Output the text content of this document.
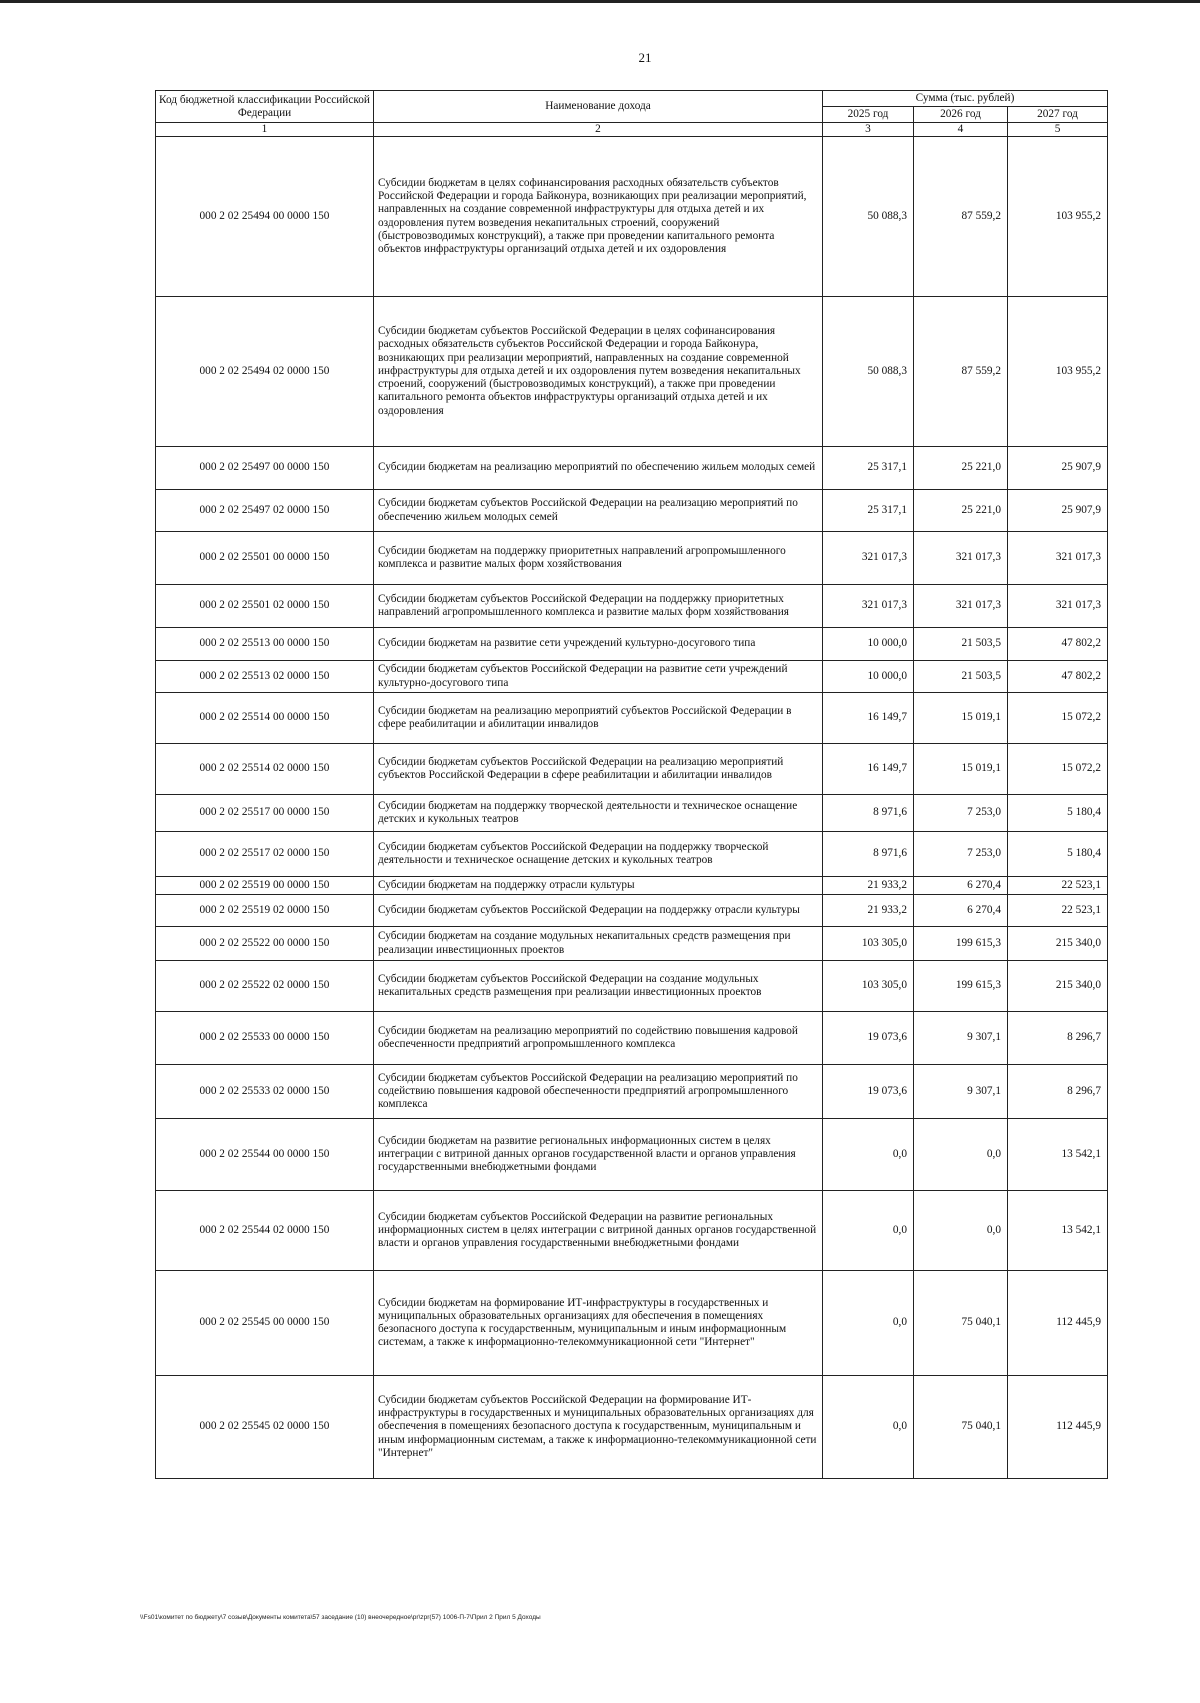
21
Код бюджетной классификации Российской Федерации	Наименование дохода	Сумма (тыс. рублей)		
		2025 год	2026 год	2027 год
1	2	3	4	5
000 2 02 25494 00 0000 150	Субсидии бюджетам в целях софинансирования расходных обязательств субъектов Российской Федерации и города Байконура, возникающих при реализации мероприятий, направленных на создание современной инфраструктуры для отдыха детей и их оздоровления путем возведения некапитальных строений, сооружений (быстровозводимых конструкций), а также при проведении капитального ремонта объектов инфраструктуры организаций отдыха детей и их оздоровления	50 088,3	87 559,2	103 955,2
000 2 02 25494 02 0000 150	Субсидии бюджетам субъектов Российской Федерации в целях софинансирования расходных обязательств субъектов Российской Федерации и города Байконура, возникающих при реализации мероприятий, направленных на создание современной инфраструктуры для отдыха детей и их оздоровления путем возведения некапитальных строений, сооружений (быстровозводимых конструкций), а также при проведении капитального ремонта объектов инфраструктуры организаций отдыха детей и их оздоровления	50 088,3	87 559,2	103 955,2
000 2 02 25497 00 0000 150	Субсидии бюджетам на реализацию мероприятий по обеспечению жильем молодых семей	25 317,1	25 221,0	25 907,9
000 2 02 25497 02 0000 150	Субсидии бюджетам субъектов Российской Федерации на реализацию мероприятий по обеспечению жильем молодых семей	25 317,1	25 221,0	25 907,9
000 2 02 25501 00 0000 150	Субсидии бюджетам на поддержку приоритетных направлений агропромышленного комплекса и развитие малых форм хозяйствования	321 017,3	321 017,3	321 017,3
000 2 02 25501 02 0000 150	Субсидии бюджетам субъектов Российской Федерации на поддержку приоритетных направлений агропромышленного комплекса и развитие малых форм хозяйствования	321 017,3	321 017,3	321 017,3
000 2 02 25513 00 0000 150	Субсидии бюджетам на развитие сети учреждений культурно-досугового типа	10 000,0	21 503,5	47 802,2
000 2 02 25513 02 0000 150	Субсидии бюджетам субъектов Российской Федерации на развитие сети учреждений культурно-досугового типа	10 000,0	21 503,5	47 802,2
000 2 02 25514 00 0000 150	Субсидии бюджетам на реализацию мероприятий субъектов Российской Федерации в сфере реабилитации и абилитации инвалидов	16 149,7	15 019,1	15 072,2
000 2 02 25514 02 0000 150	Субсидии бюджетам субъектов Российской Федерации на реализацию мероприятий субъектов Российской Федерации в сфере реабилитации и абилитации инвалидов	16 149,7	15 019,1	15 072,2
000 2 02 25517 00 0000 150	Субсидии бюджетам на поддержку творческой деятельности и техническое оснащение детских и кукольных театров	8 971,6	7 253,0	5 180,4
000 2 02 25517 02 0000 150	Субсидии бюджетам субъектов Российской Федерации на поддержку творческой деятельности и техническое оснащение детских и кукольных театров	8 971,6	7 253,0	5 180,4
000 2 02 25519 00 0000 150	Субсидии бюджетам на поддержку отрасли культуры	21 933,2	6 270,4	22 523,1
000 2 02 25519 02 0000 150	Субсидии бюджетам субъектов Российской Федерации на поддержку отрасли культуры	21 933,2	6 270,4	22 523,1
000 2 02 25522 00 0000 150	Субсидии бюджетам на создание модульных некапитальных средств размещения при реализации инвестиционных проектов	103 305,0	199 615,3	215 340,0
000 2 02 25522 02 0000 150	Субсидии бюджетам субъектов Российской Федерации на создание модульных некапитальных средств размещения при реализации инвестиционных проектов	103 305,0	199 615,3	215 340,0
000 2 02 25533 00 0000 150	Субсидии бюджетам на реализацию мероприятий по содействию повышения кадровой обеспеченности предприятий агропромышленного комплекса	19 073,6	9 307,1	8 296,7
000 2 02 25533 02 0000 150	Субсидии бюджетам субъектов Российской Федерации на реализацию мероприятий по содействию повышения кадровой обеспеченности предприятий агропромышленного комплекса	19 073,6	9 307,1	8 296,7
000 2 02 25544 00 0000 150	Субсидии бюджетам на развитие региональных информационных систем в целях интеграции с витриной данных органов государственной власти и органов управления государственными внебюджетными фондами	0,0	0,0	13 542,1
000 2 02 25544 02 0000 150	Субсидии бюджетам субъектов Российской Федерации на развитие региональных информационных систем в целях интеграции с витриной данных органов государственной власти и органов управления государственными внебюджетными фондами	0,0	0,0	13 542,1
000 2 02 25545 00 0000 150	Субсидии бюджетам на формирование ИТ-инфраструктуры в государственных и муниципальных образовательных организациях для обеспечения в помещениях безопасного доступа к государственным, муниципальным и иным информационным системам, а также к информационно-телекоммуникационной сети "Интернет"	0,0	75 040,1	112 445,9
000 2 02 25545 02 0000 150	Субсидии бюджетам субъектов Российской Федерации на формирование ИТ-инфраструктуры в государственных и муниципальных образовательных организациях для обеспечения в помещениях безопасного доступа к государственным, муниципальным и иным информационным системам, а также к информационно-телекоммуникационной сети "Интернет"	0,0	75 040,1	112 445,9
\\Fs01\комитет по бюджету\7 созыв\Документы комитета\57 заседание (10) внеочередное\pr\zpr(57) 1006-П-7\Прил 2 Прил 5 Доходы
